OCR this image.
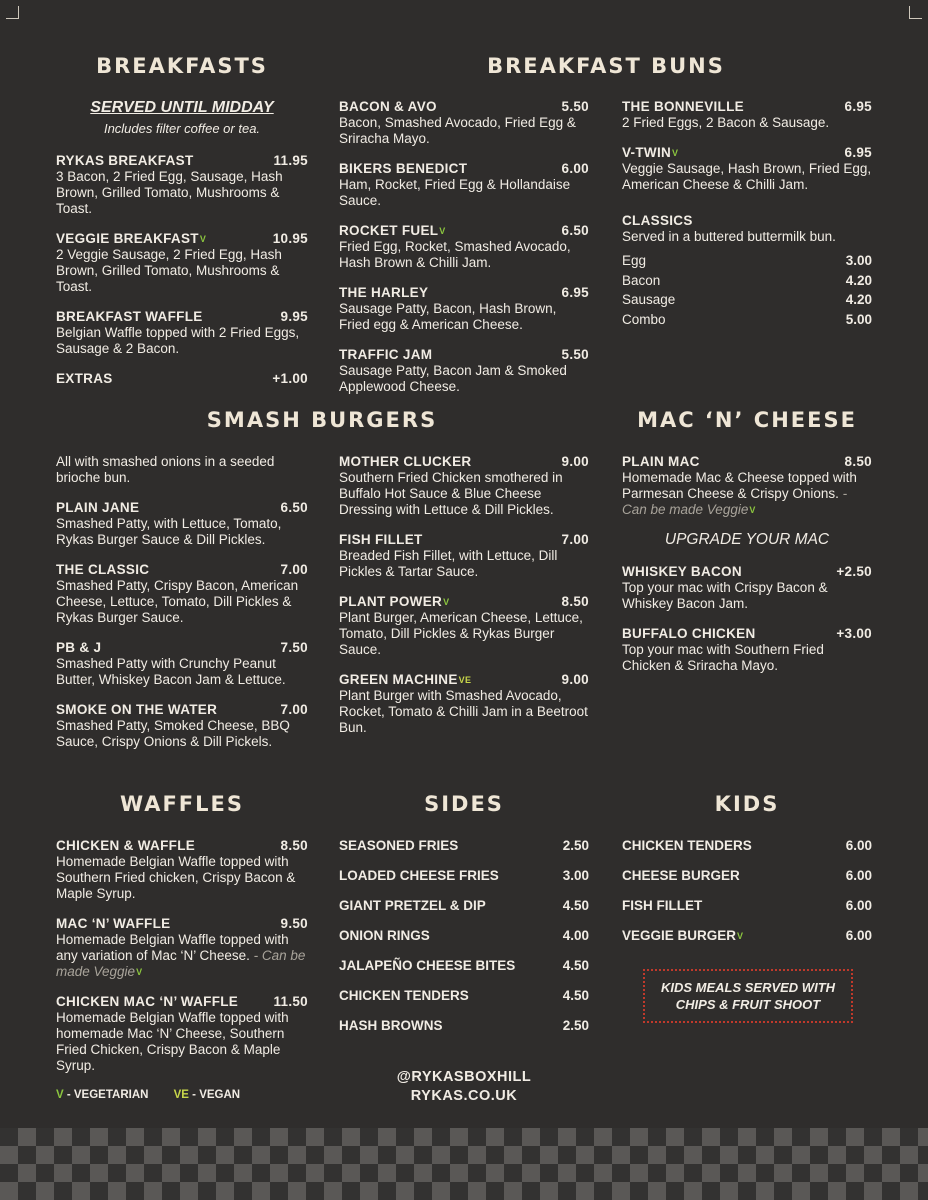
BREAKFASTS	BREAKFAST BUNS
SMASH BURGERS	MAC ‘N’ CHEESE
WAFFLES	SIDES	KIDS
SERVED UNTIL MIDDAY
Includes filter coffee or tea.
RYKAS BREAKFAST	11.95
3 Bacon, 2 Fried Egg, Sausage, Hash Brown, Grilled Tomato, Mushrooms & Toast.
VEGGIE $BREAKFAST^V$	10.95
2 Veggie Sausage, 2 Fried Egg, Hash Brown, Grilled Tomato, Mushrooms & Toast.
BREAKFAST WAFFLE	9.95
Belgian Waffle topped with 2 Fried Eggs, Sausage & 2 Bacon.
EXTRAS	+1.00
BACON & AVO	5.50
Bacon, Smashed Avocado, Fried Egg & Sriracha Mayo.
BIKERS BENEDICT	6.00
Ham, Rocket, Fried Egg & Hollandaise Sauce.
ROCKET $FUEL^V$	6.50
Fried Egg, Rocket, Smashed Avocado, Hash Brown & Chilli Jam.
THE HARLEY	6.95
Sausage Patty, Bacon, Hash Brown, Fried egg & American Cheese.
TRAFFIC JAM	5.50
Sausage Patty, Bacon Jam & Smoked Applewood Cheese.
THE BONNEVILLE	6.95
2 Fried Eggs, 2 Bacon & Sausage.
$V-TWIN^V$	6.95
Veggie Sausage, Hash Brown, Fried Egg, American Cheese & Chilli Jam.
CLASSICS
Served in a buttered buttermilk bun.
Egg	3.00
Bacon	4.20
Sausage	4.20
Combo	5.00
All with smashed onions in a seeded brioche bun.
PLAIN JANE	6.50
Smashed Patty, with Lettuce, Tomato, Rykas Burger Sauce & Dill Pickles.
THE CLASSIC	7.00
Smashed Patty, Crispy Bacon, American Cheese, Lettuce, Tomato, Dill Pickles & Rykas Burger Sauce.
PB & J	7.50
Smashed Patty with Crunchy Peanut Butter, Whiskey Bacon Jam & Lettuce.
SMOKE ON THE WATER	7.00
Smashed Patty, Smoked Cheese, BBQ Sauce, Crispy Onions & Dill Pickels.
MOTHER CLUCKER	9.00
Southern Fried Chicken smothered in Buffalo Hot Sauce & Blue Cheese Dressing with Lettuce & Dill Pickles.
FISH FILLET	7.00
Breaded Fish Fillet, with Lettuce, Dill Pickles & Tartar Sauce.
PLANT $POWER^V$	8.50
Plant Burger, American Cheese, Lettuce, Tomato, Dill Pickles & Rykas Burger Sauce.
GREEN $MACHINE^{VE}$	9.00
Plant Burger with Smashed Avocado, Rocket, Tomato & Chilli Jam in a Beetroot Bun.
PLAIN MAC	8.50
Homemade Mac & Cheese topped with Parmesan Cheese & Crispy Onions. - Can be made Veggie$^V$
UPGRADE YOUR MAC
WHISKEY BACON	+2.50
Top your mac with Crispy Bacon & Whiskey Bacon Jam.
BUFFALO CHICKEN	+3.00
Top your mac with Southern Fried Chicken & Sriracha Mayo.
CHICKEN & WAFFLE	8.50
Homemade Belgian Waffle topped with Southern Fried chicken, Crispy Bacon & Maple Syrup.
MAC ‘N’ WAFFLE	9.50
Homemade Belgian Waffle topped with any variation of Mac ‘N’ Cheese. - Can be made Veggie$^V$
CHICKEN MAC ‘N’ WAFFLE	11.50
Homemade Belgian Waffle topped with homemade Mac ‘N’ Cheese, Southern Fried Chicken, Crispy Bacon & Maple Syrup.
SEASONED FRIES	2.50
LOADED CHEESE FRIES	3.00
GIANT PRETZEL & DIP	4.50
ONION RINGS	4.00
JALAPEÑO CHEESE BITES	4.50
CHICKEN TENDERS	4.50
HASH BROWNS	2.50
CHICKEN TENDERS	6.00
CHEESE BURGER	6.00
FISH FILLET	6.00
VEGGIE $BURGER^V$	6.00
KIDS MEALS SERVED WITH CHIPS & FRUIT SHOOT
@RYKASBOXHILL
RYKAS.CO.UK
V - VEGETARIAN VE - VEGAN
